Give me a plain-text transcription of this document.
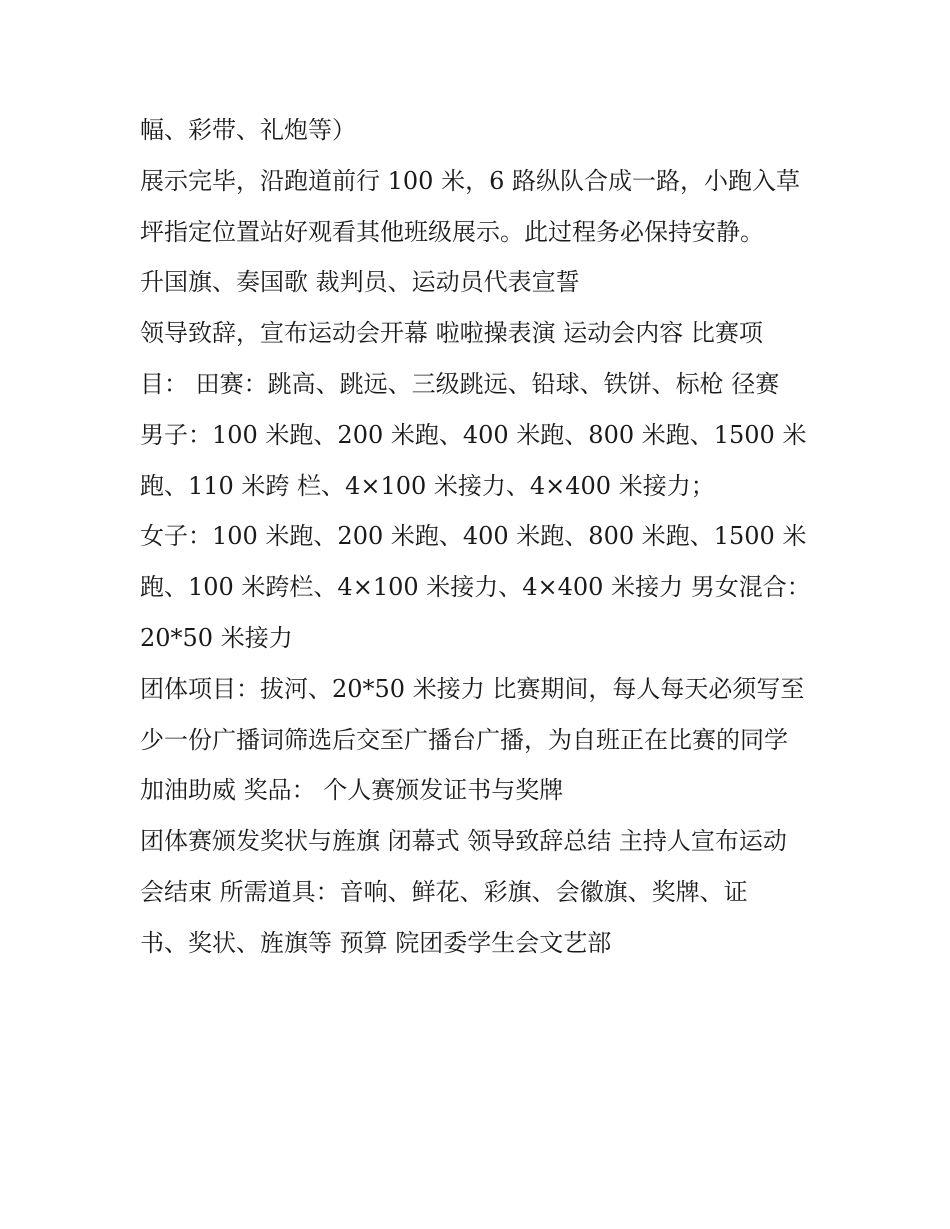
幅、彩带、礼炮等）
展示完毕，沿跑道前行 100 米，6 路纵队合成一路，小跑入草
坪指定位置站好观看其他班级展示。此过程务必保持安静。
升国旗、奏国歌 裁判员、运动员代表宣誓
领导致辞，宣布运动会开幕 啦啦操表演 运动会内容 比赛项
目： 田赛：跳高、跳远、三级跳远、铅球、铁饼、标枪 径赛
男子：100 米跑、200 米跑、400 米跑、800 米跑、1500 米
跑、110 米跨 栏、4×100 米接力、4×400 米接力；
女子：100 米跑、200 米跑、400 米跑、800 米跑、1500 米
跑、100 米跨栏、4×100 米接力、4×400 米接力 男女混合：
20*50 米接力
团体项目：拔河、20*50 米接力 比赛期间，每人每天必须写至
少一份广播词筛选后交至广播台广播，为自班正在比赛的同学
加油助威 奖品： 个人赛颁发证书与奖牌
团体赛颁发奖状与旌旗 闭幕式 领导致辞总结 主持人宣布运动
会结束 所需道具：音响、鲜花、彩旗、会徽旗、奖牌、证
书、奖状、旌旗等 预算 院团委学生会文艺部
